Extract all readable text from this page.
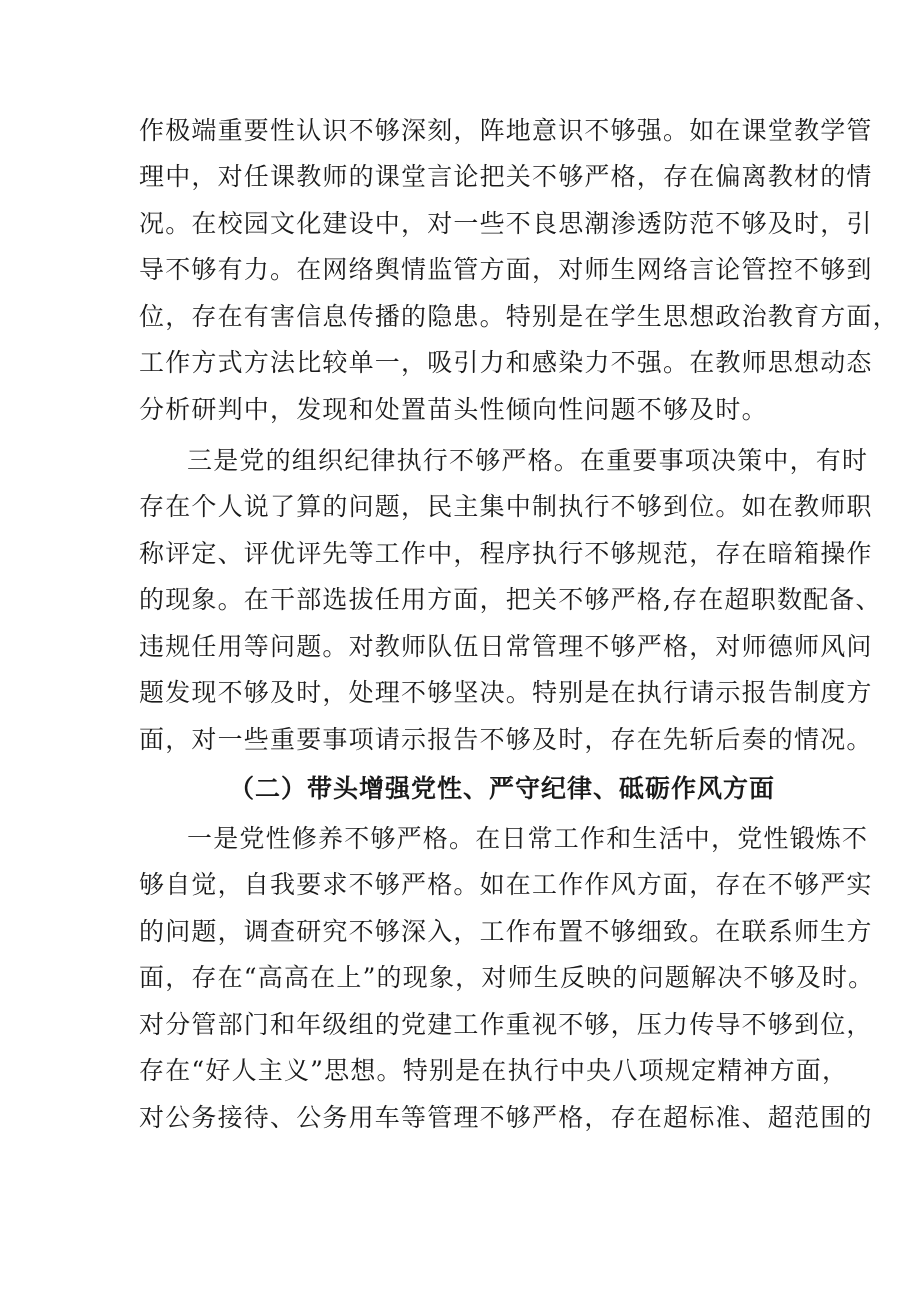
作极端重要性认识不够深刻，阵地意识不够强。如在课堂教学管
理中，对任课教师的课堂言论把关不够严格，存在偏离教材的情
况。在校园文化建设中，对一些不良思潮渗透防范不够及时，引
导不够有力。在网络舆情监管方面，对师生网络言论管控不够到
位，存在有害信息传播的隐患。特别是在学生思想政治教育方面，
工作方式方法比较单一，吸引力和感染力不强。在教师思想动态
分析研判中，发现和处置苗头性倾向性问题不够及时。
三是党的组织纪律执行不够严格。在重要事项决策中，有时
存在个人说了算的问题，民主集中制执行不够到位。如在教师职
称评定、评优评先等工作中，程序执行不够规范，存在暗箱操作
的现象。在干部选拔任用方面，把关不够严格,存在超职数配备、
违规任用等问题。对教师队伍日常管理不够严格，对师德师风问
题发现不够及时，处理不够坚决。特别是在执行请示报告制度方
面，对一些重要事项请示报告不够及时，存在先斩后奏的情况。
（二）带头增强党性、严守纪律、砥砺作风方面
一是党性修养不够严格。在日常工作和生活中，党性锻炼不
够自觉，自我要求不够严格。如在工作作风方面，存在不够严实
的问题，调查研究不够深入，工作布置不够细致。在联系师生方
面，存在“高高在上”的现象，对师生反映的问题解决不够及时。
对分管部门和年级组的党建工作重视不够，压力传导不够到位，
存在“好人主义”思想。特别是在执行中央八项规定精神方面，
对公务接待、公务用车等管理不够严格，存在超标准、超范围的
